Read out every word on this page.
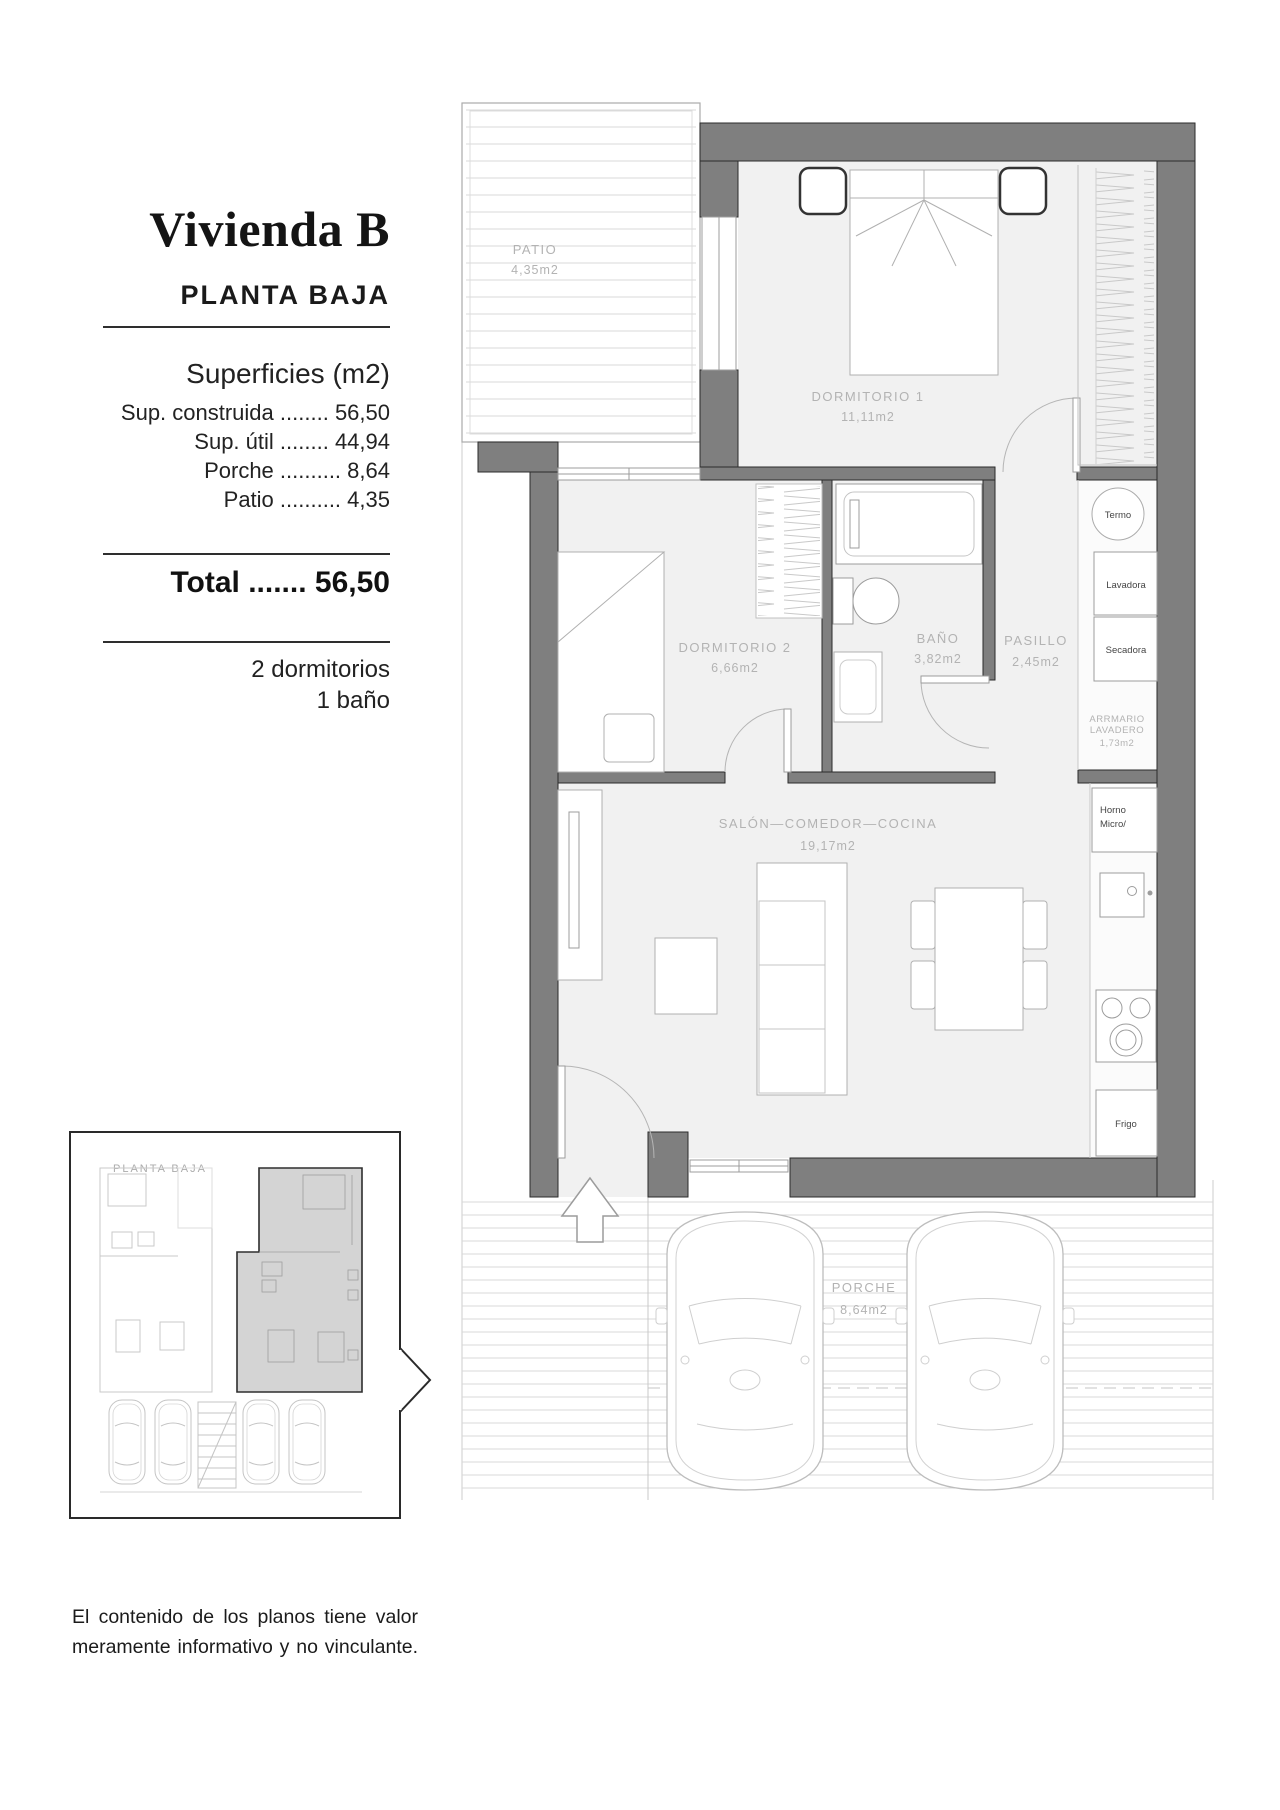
Vivienda B
PLANTA BAJA
Superficies (m2)
Sup. construida ........ 56,50
Sup. útil ........ 44,94
Porche .......... 8,64
Patio .......... 4,35
Total ....... 56,50
2 dormitorios
1 baño
PATIO
4,35m2
DORMITORIO 1
11,11m2
DORMITORIO 2
6,66m2
BAÑO
3,82m2
PASILLO
2,45m2
Termo
Lavadora
Secadora
ARRMARIO
LAVADERO
1,73m2
Horno
Micro/
Frigo
SALÓN—COMEDOR—COCINA
19,17m2
PORCHE
8,64m2
PLANTA BAJA
El contenido de los planos tiene valor
meramente informativo y no vinculante.
